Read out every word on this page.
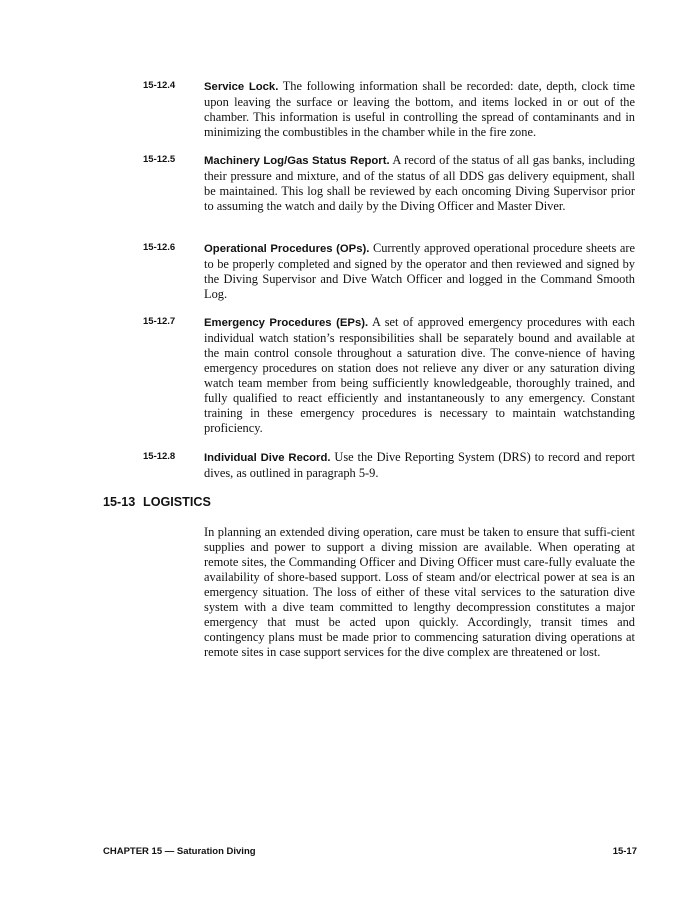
15-12.4	Service Lock. The following information shall be recorded: date, depth, clock time upon leaving the surface or leaving the bottom, and items locked in or out of the chamber. This information is useful in controlling the spread of contaminants and in minimizing the combustibles in the chamber while in the fire zone.
15-12.5	Machinery Log/Gas Status Report. A record of the status of all gas banks, including their pressure and mixture, and of the status of all DDS gas delivery equipment, shall be maintained. This log shall be reviewed by each oncoming Diving Supervisor prior to assuming the watch and daily by the Diving Officer and Master Diver.
15-12.6	Operational Procedures (OPs). Currently approved operational procedure sheets are to be properly completed and signed by the operator and then reviewed and signed by the Diving Supervisor and Dive Watch Officer and logged in the Command Smooth Log.
15-12.7	Emergency Procedures (EPs). A set of approved emergency procedures with each individual watch station’s responsibilities shall be separately bound and available at the main control console throughout a saturation dive. The conve-nience of having emergency procedures on station does not relieve any diver or any saturation diving watch team member from being sufficiently knowledgeable, thoroughly trained, and fully qualified to react efficiently and instantaneously to any emergency. Constant training in these emergency procedures is necessary to maintain watchstanding proficiency.
15-12.8	Individual Dive Record. Use the Dive Reporting System (DRS) to record and report dives, as outlined in paragraph 5-9.
15-13 LOGISTICS
In planning an extended diving operation, care must be taken to ensure that suffi-cient supplies and power to support a diving mission are available. When operating at remote sites, the Commanding Officer and Diving Officer must care-fully evaluate the availability of shore-based support. Loss of steam and/or electrical power at sea is an emergency situation. The loss of either of these vital services to the saturation dive system with a dive team committed to lengthy decompression constitutes a major emergency that must be acted upon quickly. Accordingly, transit times and contingency plans must be made prior to commencing saturation diving operations at remote sites in case support services for the dive complex are threatened or lost.
CHAPTER 15 — Saturation Diving	15-17
